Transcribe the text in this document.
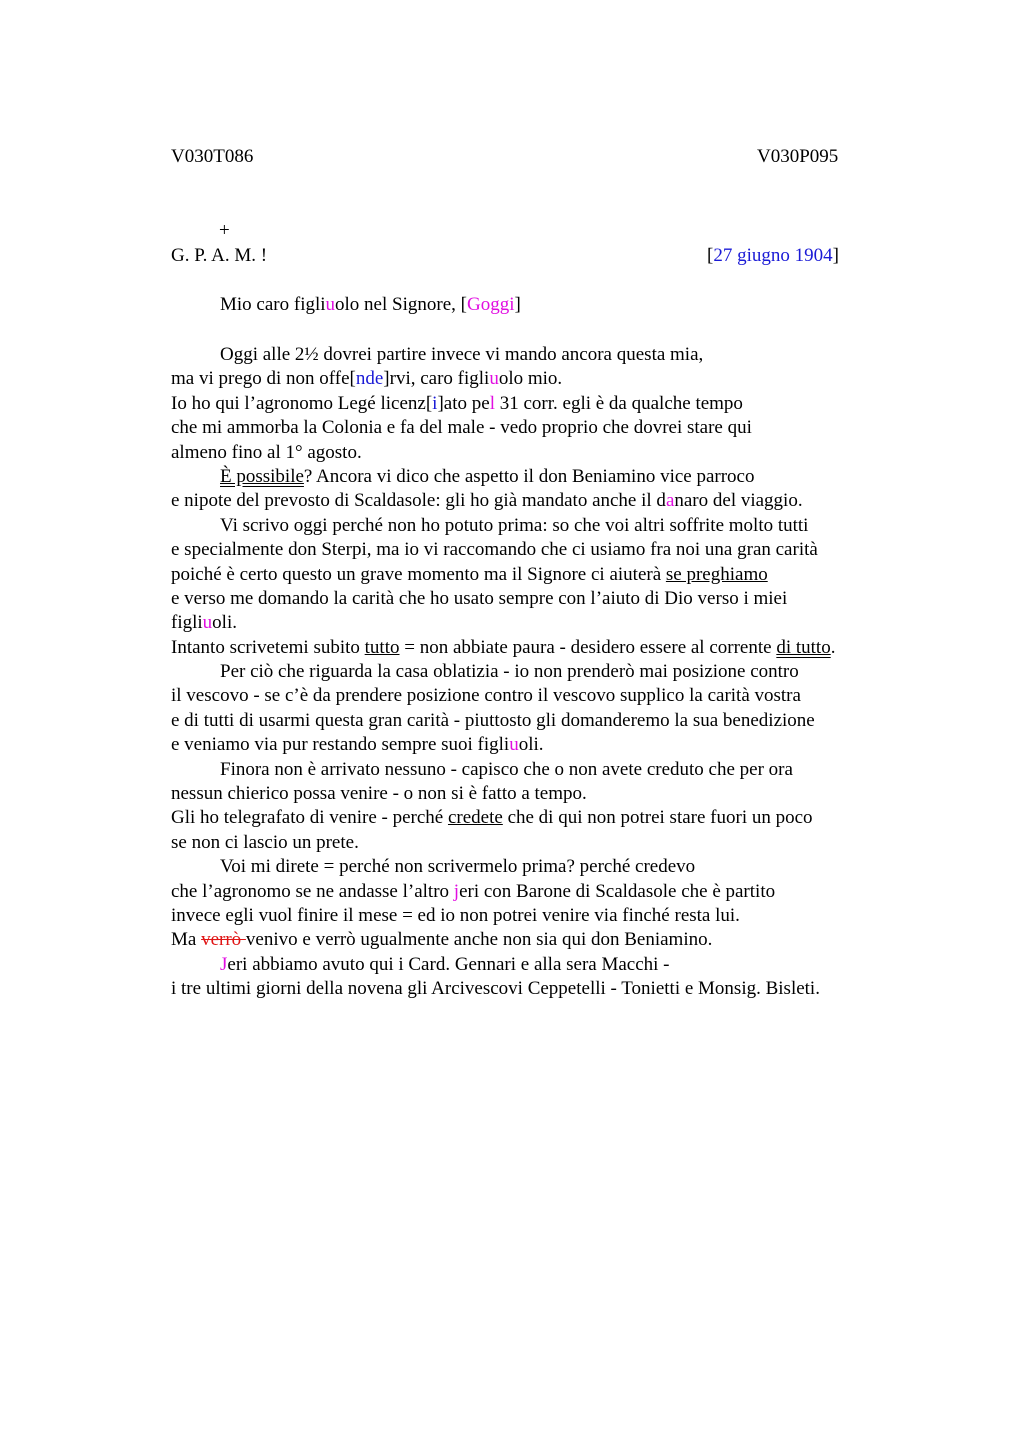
V030T086	V030P095
+
G. P. A. M. !	[27 giugno 1904]
Mio caro figliuolo nel Signore, [Goggi]
Oggi alle 2½ dovrei partire invece vi mando ancora questa mia,
ma vi prego di non offe[nde]rvi, caro figliuolo mio.
Io ho qui l’agronomo Legé licenz[i]ato pel 31 corr. egli è da qualche tempo
che mi ammorba la Colonia e fa del male - vedo proprio che dovrei stare qui
almeno fino al 1° agosto.
È possibile? Ancora vi dico che aspetto il don Beniamino vice parroco
e nipote del prevosto di Scaldasole: gli ho già mandato anche il danaro del viaggio.
Vi scrivo oggi perché non ho potuto prima: so che voi altri soffrite molto tutti
e specialmente don Sterpi, ma io vi raccomando che ci usiamo fra noi una gran carità
poiché è certo questo un grave momento ma il Signore ci aiuterà se preghiamo
e verso me domando la carità che ho usato sempre con l’aiuto di Dio verso i miei
figliuoli.
Intanto scrivetemi subito tutto = non abbiate paura - desidero essere al corrente di tutto.
Per ciò che riguarda la casa oblatizia - io non prenderò mai posizione contro
il vescovo - se c’è da prendere posizione contro il vescovo supplico la carità vostra
e di tutti di usarmi questa gran carità - piuttosto gli domanderemo la sua benedizione
e veniamo via pur restando sempre suoi figliuoli.
Finora non è arrivato nessuno - capisco che o non avete creduto che per ora
nessun chierico possa venire - o non si è fatto a tempo.
Gli ho telegrafato di venire - perché credete che di qui non potrei stare fuori un poco
se non ci lascio un prete.
Voi mi direte = perché non scrivermelo prima? perché credevo
che l’agronomo se ne andasse l’altro jeri con Barone di Scaldasole che è partito
invece egli vuol finire il mese = ed io non potrei venire via finché resta lui.
Ma verrò venivo e verrò ugualmente anche non sia qui don Beniamino.
Jeri abbiamo avuto qui i Card. Gennari e alla sera Macchi -
i tre ultimi giorni della novena gli Arcivescovi Ceppetelli - Tonietti e Monsig. Bisleti.
